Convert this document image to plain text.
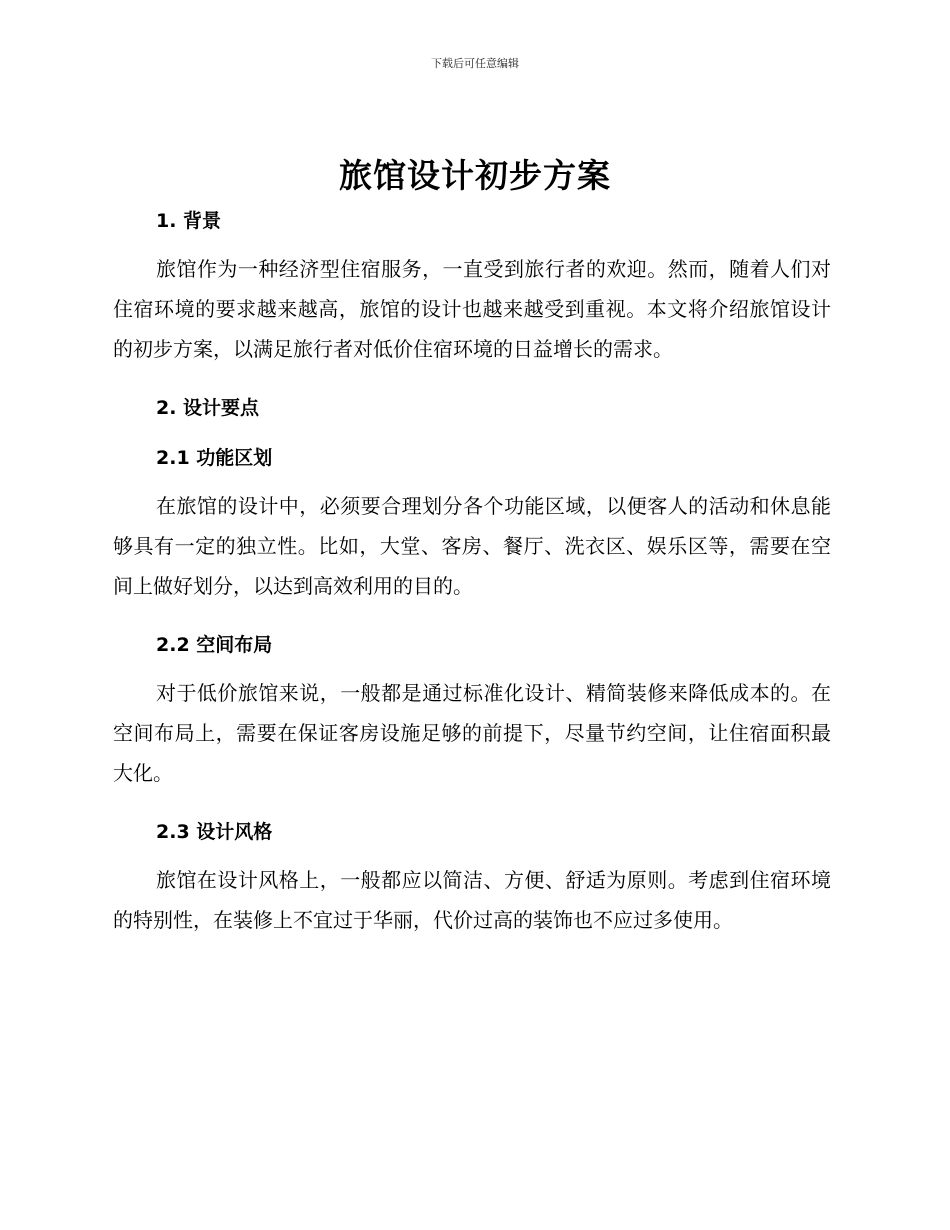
下载后可任意编辑
旅馆设计初步方案
1. 背景

旅馆作为一种经济型住宿服务，一直受到旅行者的欢迎。然而，随着人们对住宿环境的要求越来越高，旅馆的设计也越来越受到重视。本文将介绍旅馆设计的初步方案，以满足旅行者对低价住宿环境的日益增长的需求。

2. 设计要点
2.1 功能区划

在旅馆的设计中，必须要合理划分各个功能区域，以便客人的活动和休息能够具有一定的独立性。比如，大堂、客房、餐厅、洗衣区、娱乐区等，需要在空间上做好划分，以达到高效利用的目的。

2.2 空间布局

对于低价旅馆来说，一般都是通过标准化设计、精简装修来降低成本的。在空间布局上，需要在保证客房设施足够的前提下，尽量节约空间，让住宿面积最大化。

2.3 设计风格

旅馆在设计风格上，一般都应以简洁、方便、舒适为原则。考虑到住宿环境的特别性，在装修上不宜过于华丽，代价过高的装饰也不应过多使用。
